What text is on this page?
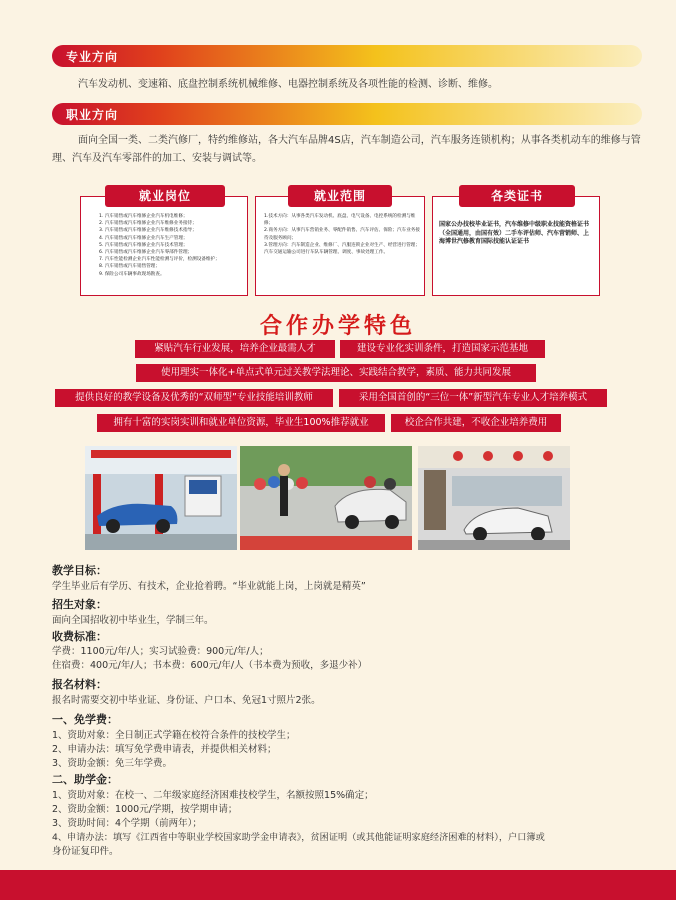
专业方向
汽车发动机、变速箱、底盘控制系统机械维修、电器控制系统及各项性能的检测、诊断、维修。
职业方向
面向全国一类、二类汽修厂，特约维修站，各大汽车品牌4S店，汽车制造公司，汽车服务连锁机构；从事各类机动车的维修与管理、汽车及汽车零部件的加工、安装与调试等。
就业岗位
1. 汽车销售或汽车维修企业汽车机电维修；
2. 汽车销售或汽车维修企业汽车维修业务接待；
3. 汽车销售或汽车维修企业汽车维修技术指导；
4. 汽车销售或汽车维修企业汽车生产管理；
5. 汽车销售或汽车维修企业汽车技术管理；
6. 汽车销售或汽车维修企业汽车零部件管理；
7. 汽车性能检测企业汽车性能检测与评价，检测设备维护；
8. 汽车销售或汽车销售管理；
9. 保险公司车辆事故现场勘查。
就业范围
1.技术方向：从事各类汽车发动机、底盘、电气设备、电控系统的检测与维修；
2.商务方向：从事汽车营销业务、零配件销售、汽车评估、保险；汽车业务接待及服务顾问；
3.管理方向：汽车制造企业、维修厂、汽服连锁企业对生产、经营进行管理；汽车交通运输公司进行车队车辆管理、调度、事故处理工作。
各类证书

国家公办技校毕业证书，汽车维修中级职业技能资格证书（全国通用，由国有效）二手车评估师、汽车营销师、上海博世汽修教育国际技能认证证书

合作办学特色
紧贴汽车行业发展，培养企业最需人才	建设专业化实训条件，打造国家示范基地
使用理实一体化+单点式单元过关教学法理论、实践结合教学，素质、能力共同发展
提供良好的教学设备及优秀的“双师型”专业技能培训教师	采用全国首创的“三位一体”新型汽车专业人才培养模式
拥有十富的实岗实训和就业单位资源，毕业生100%推荐就业	校企合作共建，不收企业培养费用
教学目标：
学生毕业后有学历、有技术，企业抢着聘。“毕业就能上岗，上岗就是精英”
招生对象：
面向全国招收初中毕业生，学制三年。
收费标准：
学费：1100元/年/人；实习试验费：900元/年/人；
住宿费：400元/年/人；书本费：600元/年/人（书本费为预收，多退少补）
报名材料：
报名时需要交初中毕业证、身份证、户口本、免冠1寸照片2张。
一、免学费：
1、资助对象：全日制正式学籍在校符合条件的技校学生；
2、申请办法：填写免学费申请表，并提供相关材料；
3、资助金额：免三年学费。
二、助学金：
1、资助对象：在校一、二年级家庭经济困难技校学生，名额按照15%确定；
2、资助金额：1000元/学期，按学期申请；
3、资助时间：4个学期（前两年）；
4、申请办法：填写《江西省中等职业学校国家助学金申请表》，贫困证明（或其他能证明家庭经济困难的材料），户口簿或
身份证复印件。
